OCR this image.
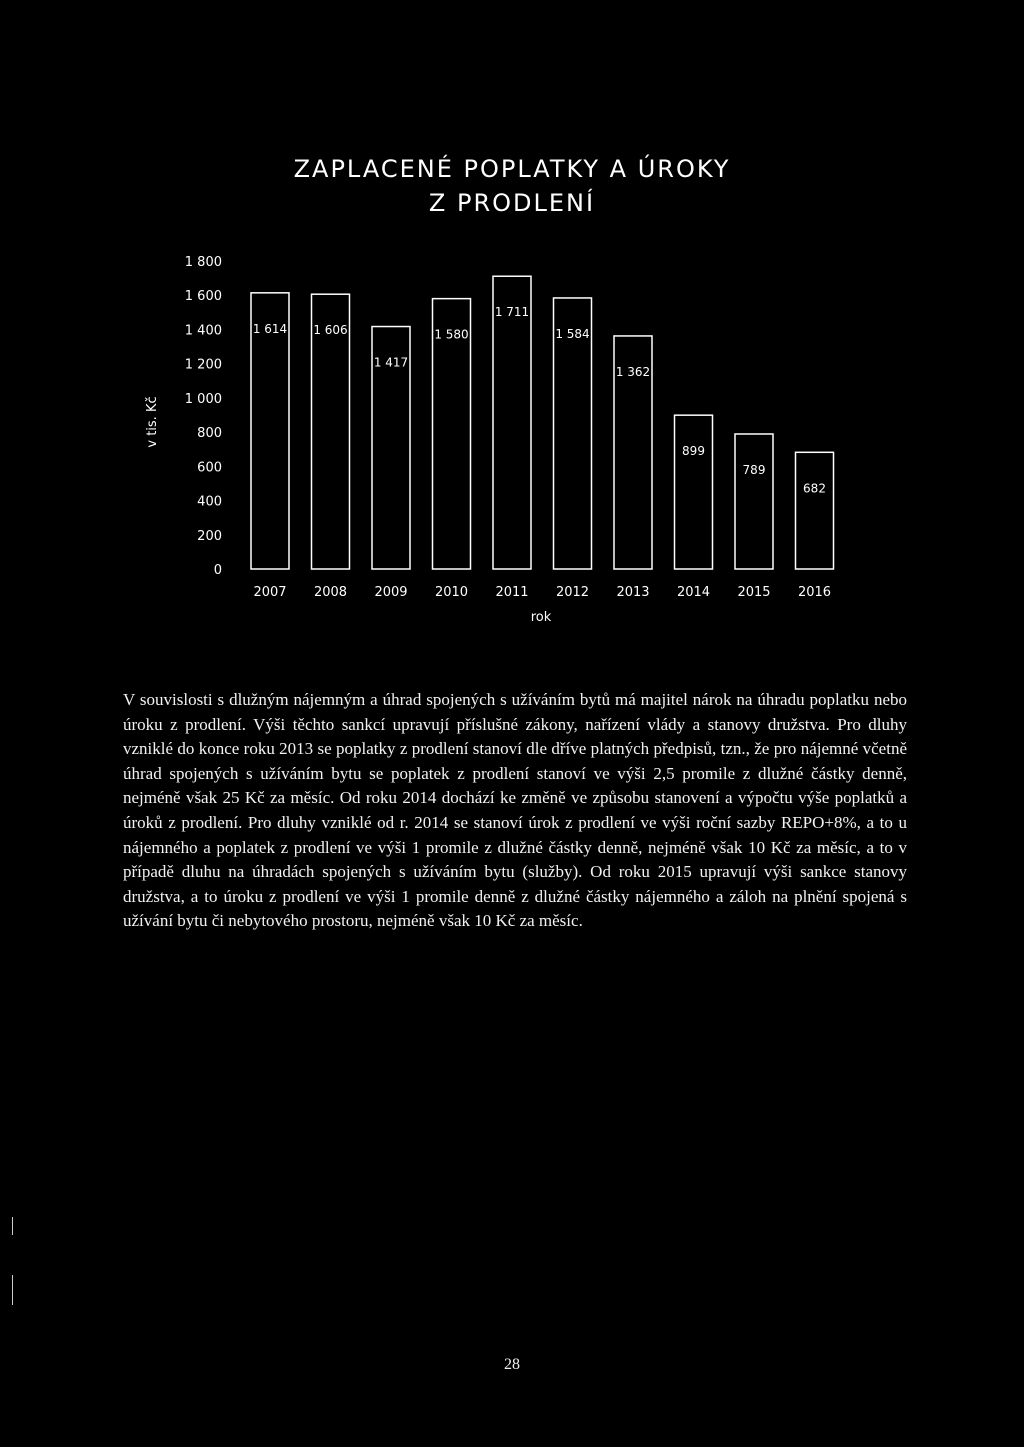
ZAPLACENÉ POPLATKY A ÚROKY
Z PRODLENÍ
0
200
400
600
800
1 000
1 200
1 400
1 600
1 800
1 614 1 606
1 417
1 580
1 711
1 584
1 362
899
789
682
2007 2008 2009 2010 2011 2012 2013 2014 2015 2016
v tis. Kč
rok

V souvislosti s dlužným nájemným a úhrad spojených s užíváním bytů má majitel nárok na úhradu poplatku nebo úroku z prodlení. Výši těchto sankcí upravují příslušné zákony, nařízení vlády a stanovy družstva. Pro dluhy vzniklé do konce roku 2013 se poplatky z prodlení stanoví dle dříve platných předpisů, tzn., že pro nájemné včetně úhrad spojených s užíváním bytu se poplatek z prodlení stanoví ve výši 2,5 promile z dlužné částky denně, nejméně však 25 Kč za měsíc. Od roku 2014 dochází ke změně ve způsobu stanovení a výpočtu výše poplatků a úroků z prodlení. Pro dluhy vzniklé od r. 2014 se stanoví úrok z prodlení ve výši roční sazby REPO+8%, a to u nájemného a poplatek z prodlení ve výši 1 promile z dlužné částky denně, nejméně však 10 Kč za měsíc, a to v případě dluhu na úhradách spojených s užíváním bytu (služby). Od roku 2015 upravují výši sankce stanovy družstva, a to úroku z prodlení ve výši 1 promile denně z dlužné částky nájemného a záloh na plnění spojená s užívání bytu či nebytového prostoru, nejméně však 10 Kč za měsíc.

28
